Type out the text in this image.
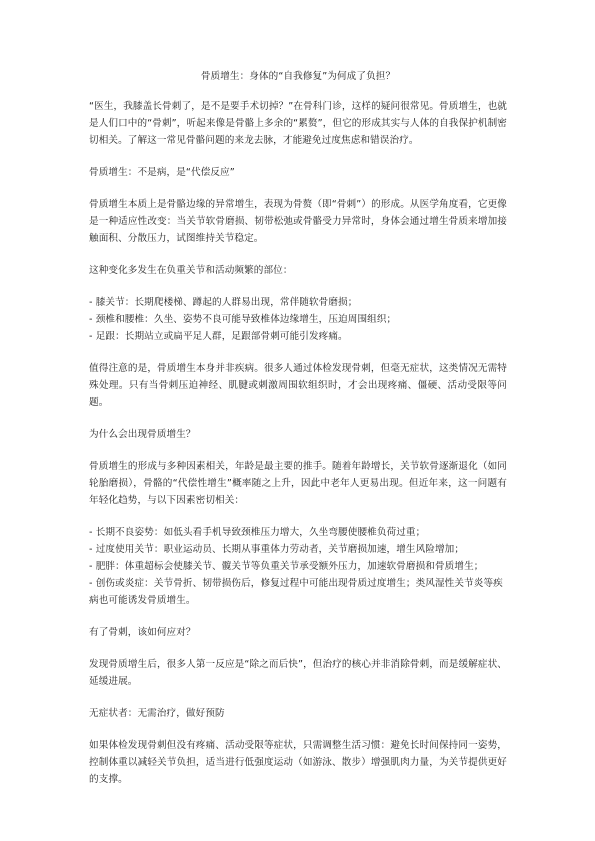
骨质增生：身体的“自我修复”为何成了负担？
“医生，我膝盖长骨刺了，是不是要手术切掉？”在骨科门诊，这样的疑问很常见。骨质增生，也就是人们口中的“骨刺”，听起来像是骨骼上多余的“累赘”，但它的形成其实与人体的自我保护机制密切相关。了解这一常见骨骼问题的来龙去脉，才能避免过度焦虑和错误治疗。
骨质增生：不是病，是“代偿反应”
骨质增生本质上是骨骼边缘的异常增生，表现为骨赘（即“骨刺”）的形成。从医学角度看，它更像是一种适应性改变：当关节软骨磨损、韧带松弛或骨骼受力异常时，身体会通过增生骨质来增加接触面积、分散压力，试图维持关节稳定。
这种变化多发生在负重关节和活动频繁的部位：
- 膝关节：长期爬楼梯、蹲起的人群易出现，常伴随软骨磨损；
- 颈椎和腰椎：久坐、姿势不良可能导致椎体边缘增生，压迫周围组织；
- 足跟：长期站立或扁平足人群，足跟部骨刺可能引发疼痛。
值得注意的是，骨质增生本身并非疾病。很多人通过体检发现骨刺，但毫无症状，这类情况无需特殊处理。只有当骨刺压迫神经、肌腱或刺激周围软组织时，才会出现疼痛、僵硬、活动受限等问题。
为什么会出现骨质增生？
骨质增生的形成与多种因素相关，年龄是最主要的推手。随着年龄增长，关节软骨逐渐退化（如同轮胎磨损），骨骼的“代偿性增生”概率随之上升，因此中老年人更易出现。但近年来，这一问题有年轻化趋势，与以下因素密切相关：
- 长期不良姿势：如低头看手机导致颈椎压力增大，久坐弯腰使腰椎负荷过重；
- 过度使用关节：职业运动员、长期从事重体力劳动者，关节磨损加速，增生风险增加；
- 肥胖：体重超标会使膝关节、髋关节等负重关节承受额外压力，加速软骨磨损和骨质增生；
- 创伤或炎症：关节骨折、韧带损伤后，修复过程中可能出现骨质过度增生；类风湿性关节炎等疾病也可能诱发骨质增生。
有了骨刺，该如何应对？
发现骨质增生后，很多人第一反应是“除之而后快”，但治疗的核心并非消除骨刺，而是缓解症状、延缓进展。
无症状者：无需治疗，做好预防
如果体检发现骨刺但没有疼痛、活动受限等症状，只需调整生活习惯：避免长时间保持同一姿势，控制体重以减轻关节负担，适当进行低强度运动（如游泳、散步）增强肌肉力量，为关节提供更好的支撑。
